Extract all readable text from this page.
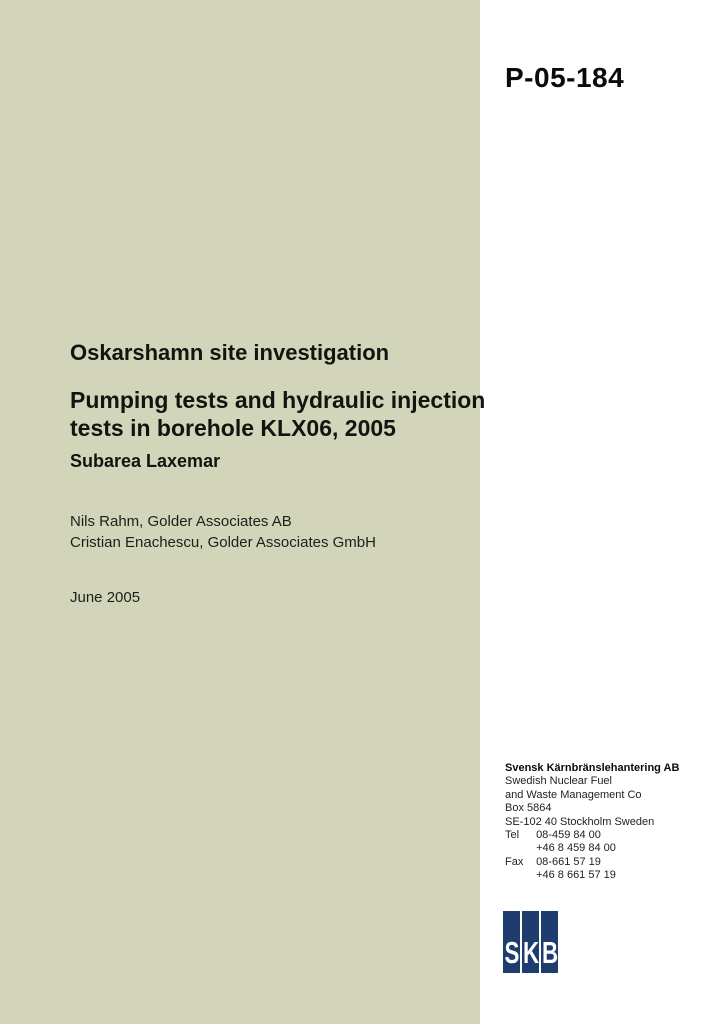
P-05-184
Oskarshamn site investigation
Pumping tests and hydraulic injection
tests in borehole KLX06, 2005
Subarea Laxemar
Nils Rahm, Golder Associates AB
Cristian Enachescu, Golder Associates GmbH
June 2005
Svensk Kärnbränslehantering AB
Swedish Nuclear Fuel
and Waste Management Co
Box 5864
SE-102 40 Stockholm Sweden
Tel 08-459 84 00
+46 8 459 84 00
Fax 08-661 57 19
+46 8 661 57 19
S K B
